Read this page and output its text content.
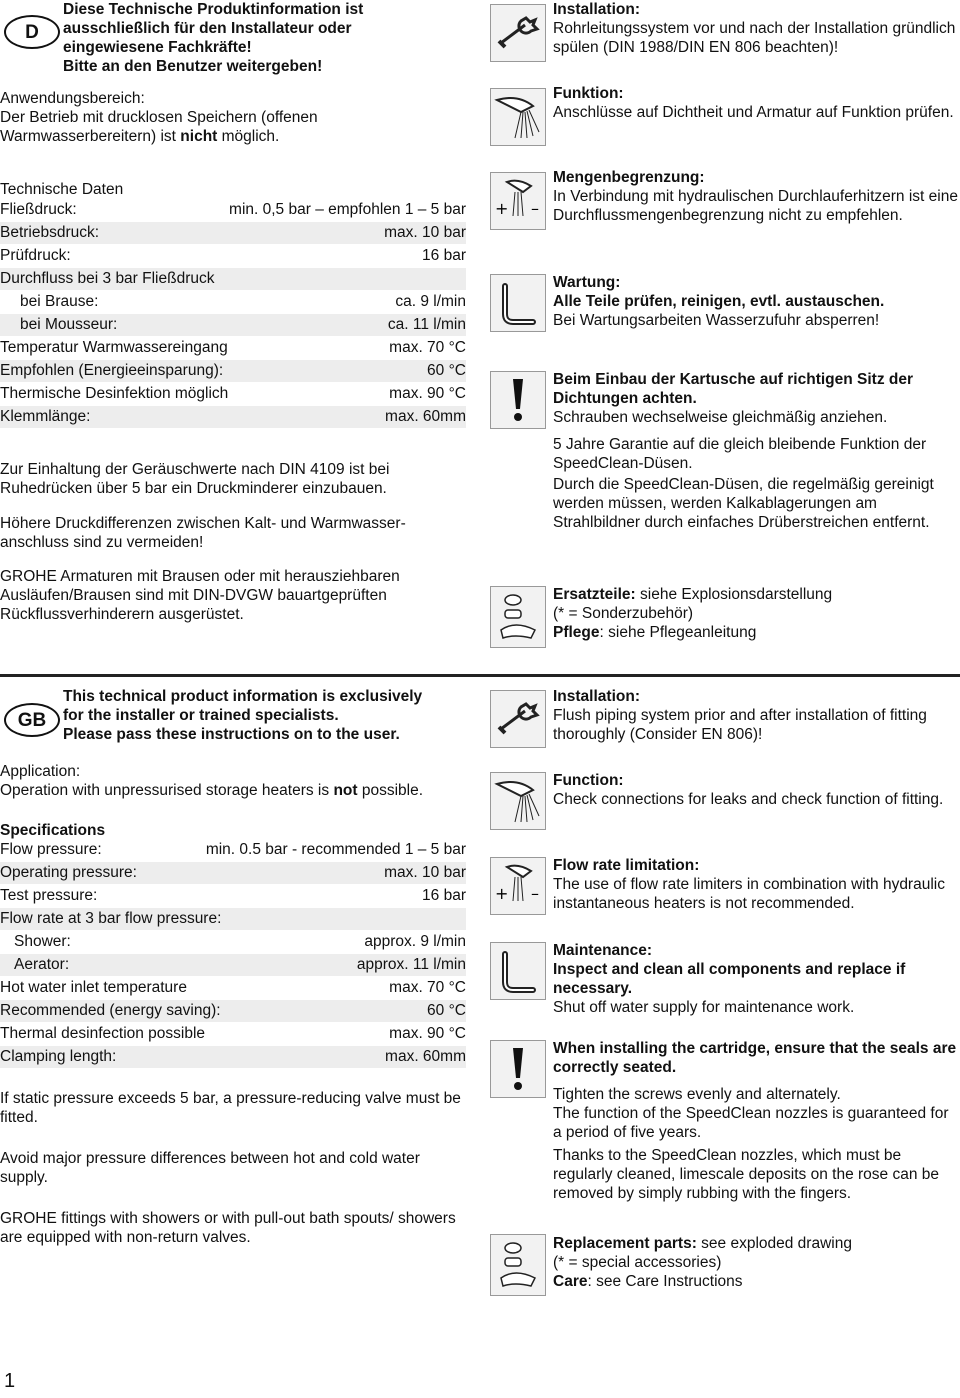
D

Diese Technische Produktinformation ist

ausschließlich für den Installateur oder

eingewiesene Fachkräfte!

Bitte an den Benutzer weitergeben!

Anwendungsbereich:

Der Betrieb mit drucklosen Speichern (offenen

Warmwasserbereitern) ist nicht möglich.

Technische Daten

Fließdruck:	min. 0,5 bar – empfohlen 1 – 5 bar
Betriebsdruck:	max. 10 bar
Prüfdruck:	16 bar
Durchfluss bei 3 bar Fließdruck
bei Brause:	ca. 9 l/min
bei Mousseur:	ca. 11 l/min
Temperatur Warmwassereingang	max. 70 °C
Empfohlen (Energieeinsparung):	60 °C
Thermische Desinfektion möglich	max. 90 °C
Klemmlänge:	max. 60mm

Zur Einhaltung der Geräuschwerte nach DIN 4109 ist bei Ruhedrücken über 5 bar ein Druckminderer einzubauen.

Höhere Druckdifferenzen zwischen Kalt- und Warmwasser-

anschluss sind zu vermeiden!

GROHE Armaturen mit Brausen oder mit herausziehbaren Ausläufen/Brausen sind mit DIN-DVGW bauartgeprüften Rückflussverhinderern ausgerüstet.

+ –

Installation:

Rohrleitungssystem vor und nach der Installation gründlich spülen (DIN 1988/DIN EN 806 beachten)!

Funktion:

Anschlüsse auf Dichtheit und Armatur auf Funktion prüfen.

Mengenbegrenzung:

In Verbindung mit hydraulischen Durchlauferhitzern ist eine Durchflussmengenbegrenzung nicht zu empfehlen.

Wartung:

Alle Teile prüfen, reinigen, evtl. austauschen.

Bei Wartungsarbeiten Wasserzufuhr absperren!

Beim Einbau der Kartusche auf richtigen Sitz der Dichtungen achten.

Schrauben wechselweise gleichmäßig anziehen.

5 Jahre Garantie auf die gleich bleibende Funktion der SpeedClean-Düsen.

Durch die SpeedClean-Düsen, die regelmäßig gereinigt werden müssen, werden Kalkablagerungen am Strahlbildner durch einfaches Drüberstreichen entfernt.

Ersatzteile: siehe Explosionsdarstellung

(* = Sonderzubehör)

Pflege: siehe Pflegeanleitung

GB

This technical product information is exclusively

for the installer or trained specialists.

Please pass these instructions on to the user.

Application:

Operation with unpressurised storage heaters is not possible.

Specifications

Flow pressure:	min. 0.5 bar - recommended 1 – 5 bar
Operating pressure:	max. 10 bar
Test pressure:	16 bar
Flow rate at 3 bar flow pressure:
Shower:	approx. 9 l/min
Aerator:	approx. 11 l/min
Hot water inlet temperature	max. 70 °C
Recommended (energy saving):	60 °C
Thermal desinfection possible	max. 90 °C
Clamping length:	max. 60mm

If static pressure exceeds 5 bar, a pressure-reducing valve must be fitted.

Avoid major pressure differences between hot and cold water supply.

GROHE fittings with showers or with pull-out bath spouts/ showers are equipped with non-return valves.

+ –

Installation:

Flush piping system prior and after installation of fitting thoroughly (Consider EN 806)!

Function:

Check connections for leaks and check function of fitting.

Flow rate limitation:

The use of flow rate limiters in combination with hydraulic instantaneous heaters is not recommended.

Maintenance:

Inspect and clean all components and replace if necessary.

Shut off water supply for maintenance work.

When installing the cartridge, ensure that the seals are correctly seated.

Tighten the screws evenly and alternately.

The function of the SpeedClean nozzles is guaranteed for a period of five years.

Thanks to the SpeedClean nozzles, which must be regularly cleaned, limescale deposits on the rose can be removed by simply rubbing with the fingers.

Replacement parts: see exploded drawing

(* = special accessories)

Care: see Care Instructions

1
